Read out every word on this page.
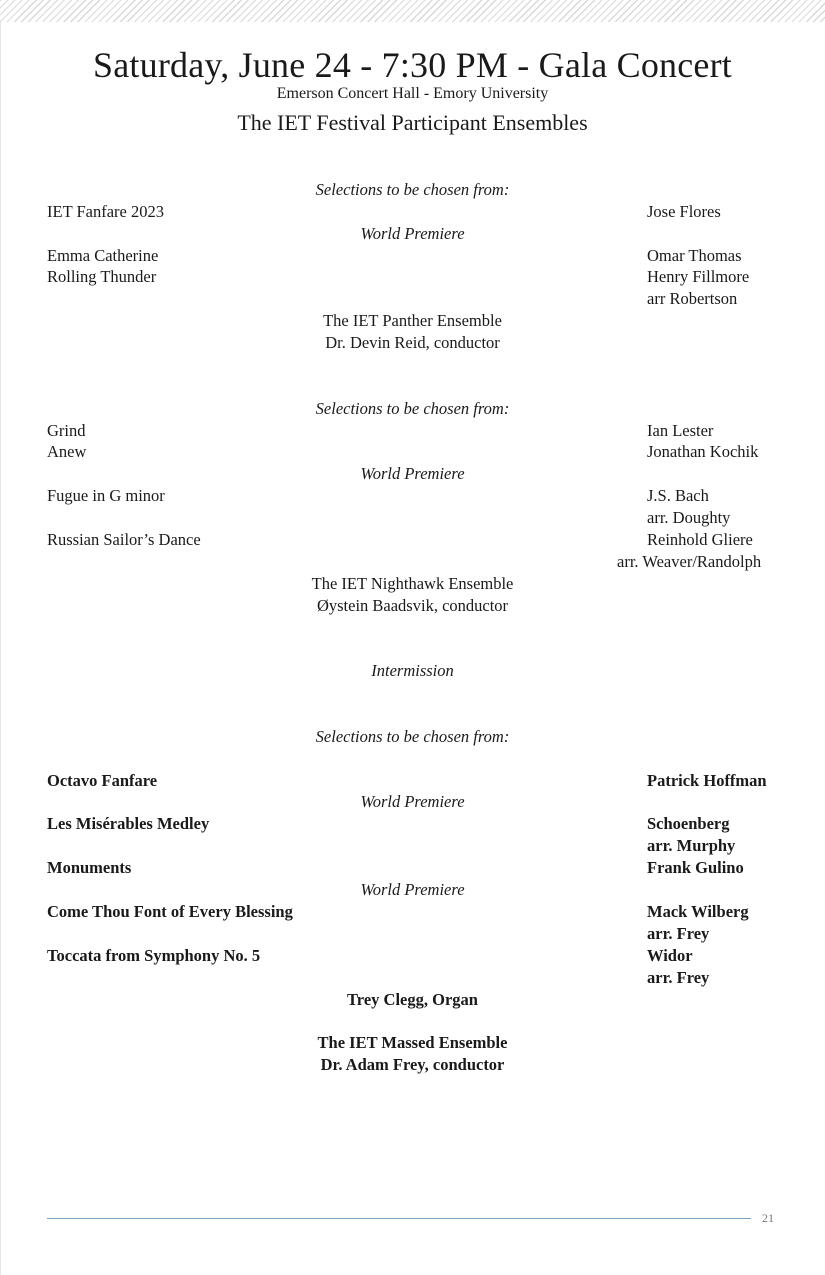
Saturday, June 24 - 7:30 PM - Gala Concert
Emerson Concert Hall - Emory University
The IET Festival Participant Ensembles
Selections to be chosen from:
IET Fanfare 2023	Jose Flores
World Premiere
Emma Catherine	Omar Thomas
Rolling Thunder	Henry Fillmore
arr Robertson
The IET Panther Ensemble
Dr. Devin Reid, conductor
Selections to be chosen from:
Grind	Ian Lester
Anew	Jonathan Kochik
World Premiere
Fugue in G minor	J.S. Bach
arr. Doughty
Russian Sailor’s Dance	Reinhold Gliere
arr. Weaver/Randolph
The IET Nighthawk Ensemble
Øystein Baadsvik, conductor
Intermission
Selections to be chosen from:
Octavo Fanfare	Patrick Hoffman
World Premiere
Les Misérables Medley	Schoenberg
arr. Murphy
Monuments	Frank Gulino
World Premiere
Come Thou Font of Every Blessing	Mack Wilberg
arr. Frey
Toccata from Symphony No. 5	Widor
arr. Frey
Trey Clegg, Organ
The IET Massed Ensemble
Dr. Adam Frey, conductor
21
